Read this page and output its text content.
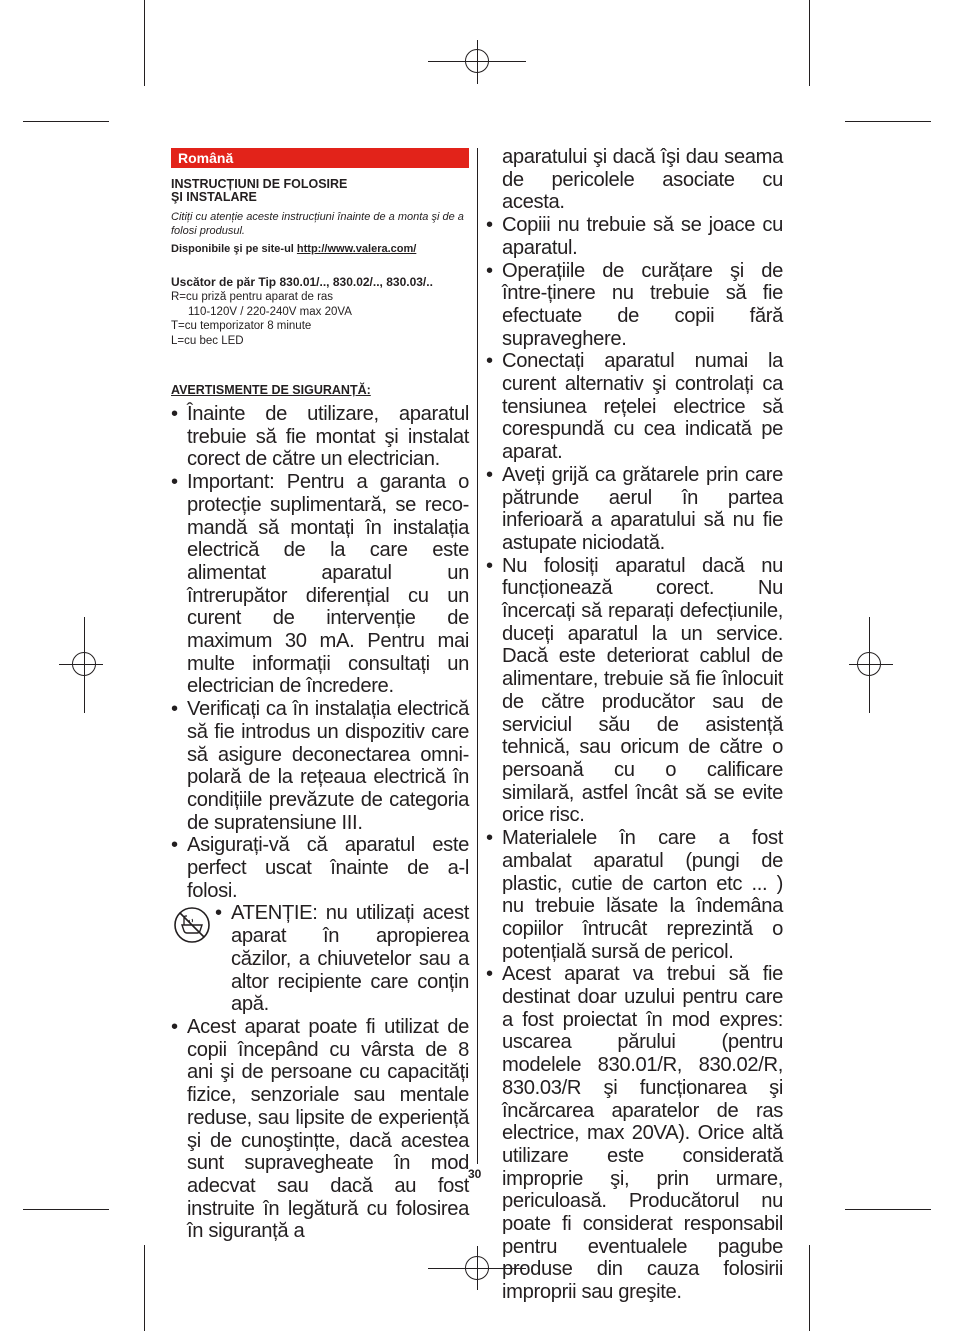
Română
INSTRUCȚIUNI DE FOLOSIRE
ŞI INSTALARE
Citiți cu atenție aceste instrucțiuni înainte de a monta şi de a folosi produsul.
Disponibile şi pe site-ul http://www.valera.com/
Uscător de păr Tip 830.01/.., 830.02/.., 830.03/..
R=cu priză pentru aparat de ras
110-120V / 220-240V max 20VA
T=cu temporizator 8 minute
L=cu bec LED
AVERTISMENTE DE SIGURANȚĂ:
• Înainte de utilizare, aparatul trebuie să fie montat şi instalat corect de către un electrician.
• Important: Pentru a garanta o protecție suplimentară, se reco-mandă să montați în instalația electrică de la care este alimentat aparatul un întrerupător diferențial cu un curent de intervenție de maximum 30 mA. Pentru mai multe informații consultați un electrician de încredere.
• Verificați ca în instalația electrică să fie introdus un dispozitiv care să asigure deconectarea omni-polară de la rețeaua electrică în condițiile prevăzute de categoria de supratensiune III.
• Asigurați-vă că aparatul este perfect uscat înainte de a-l folosi.
• ATENȚIE: nu utilizați acest aparat în apropierea căzilor, a chiuvetelor sau a altor recipiente care conțin apă.
• Acest aparat poate fi utilizat de copii începând cu vârsta de 8 ani şi de persoane cu capacități fizice, senzoriale sau mentale reduse, sau lipsite de experiență şi de cunoştințte, dacă acestea sunt supravegheate în mod adecvat sau dacă au fost instruite în legătură cu folosirea în siguranță a
aparatului şi dacă îşi dau seama de pericolele asociate cu acesta.
• Copiii nu trebuie să se joace cu aparatul.
• Operațiile de curățare şi de între-ținere nu trebuie să fie efectuate de copii fără supraveghere.
• Conectați aparatul numai la curent alternativ şi controlați ca tensiunea rețelei electrice să corespundă cu cea indicată pe aparat.
• Aveți grijă ca grătarele prin care pătrunde aerul în partea inferioară a aparatului să nu fie astupate niciodată.
• Nu folosiți aparatul dacă nu funcționează corect. Nu încercați să reparați defecțiunile, duceți aparatul la un service. Dacă este deteriorat cablul de alimentare, trebuie să fie înlocuit de către producător sau de serviciul său de asistență tehnică, sau oricum de către o persoană cu o calificare similară, astfel încât să se evite orice risc.
• Materialele în care a fost ambalat aparatul (pungi de plastic, cutie de carton etc ... ) nu trebuie lăsate la îndemâna copiilor întrucât reprezintă o potențială sursă de pericol.
• Acest aparat va trebui să fie destinat doar uzului pentru care a fost proiectat în mod expres: uscarea părului (pentru modelele 830.01/R, 830.02/R, 830.03/R şi funcționarea şi încărcarea aparatelor de ras electrice, max 20VA). Orice altă utilizare este considerată improprie şi, prin urmare, periculoasă. Producătorul nu poate fi considerat responsabil pentru eventualele pagube produse din cauza folosirii improprii sau greşite.
30
